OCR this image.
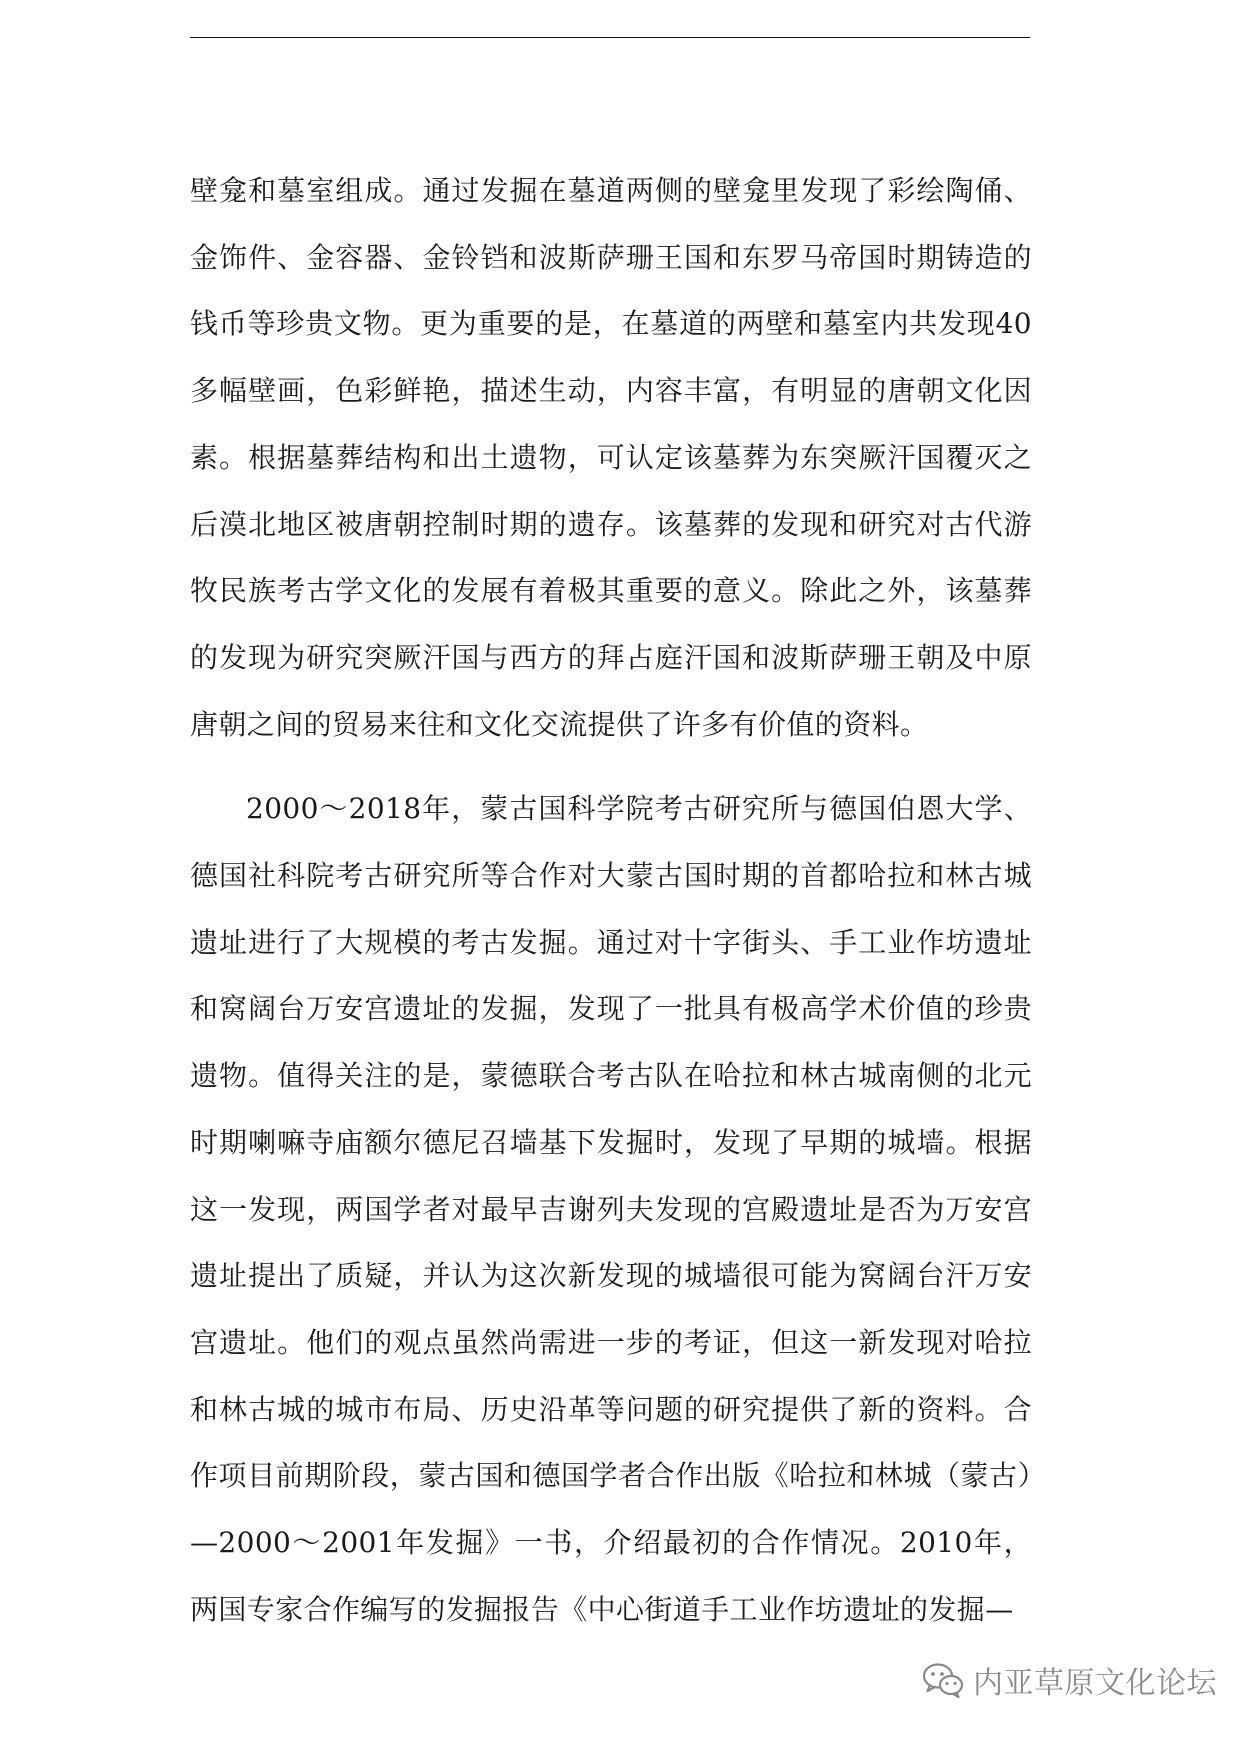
壁龛和墓室组成。通过发掘在墓道两侧的壁龛里发现了彩绘陶俑、金饰件、金容器、金铃铛和波斯萨珊王国和东罗马帝国时期铸造的钱币等珍贵文物。更为重要的是，在墓道的两壁和墓室内共发现40多幅壁画，色彩鲜艳，描述生动，内容丰富，有明显的唐朝文化因素。根据墓葬结构和出土遗物，可认定该墓葬为东突厥汗国覆灭之后漠北地区被唐朝控制时期的遗存。该墓葬的发现和研究对古代游牧民族考古学文化的发展有着极其重要的意义。除此之外，该墓葬的发现为研究突厥汗国与西方的拜占庭汗国和波斯萨珊王朝及中原唐朝之间的贸易来往和文化交流提供了许多有价值的资料。

2000～2018年，蒙古国科学院考古研究所与德国伯恩大学、德国社科院考古研究所等合作对大蒙古国时期的首都哈拉和林古城遗址进行了大规模的考古发掘。通过对十字街头、手工业作坊遗址和窝阔台万安宫遗址的发掘，发现了一批具有极高学术价值的珍贵遗物。值得关注的是，蒙德联合考古队在哈拉和林古城南侧的北元时期喇嘛寺庙额尔德尼召墙基下发掘时，发现了早期的城墙。根据这一发现，两国学者对最早吉谢列夫发现的宫殿遗址是否为万安宫遗址提出了质疑，并认为这次新发现的城墙很可能为窝阔台汗万安宫遗址。他们的观点虽然尚需进一步的考证，但这一新发现对哈拉和林古城的城市布局、历史沿革等问题的研究提供了新的资料。合作项目前期阶段，蒙古国和德国学者合作出版《哈拉和林城（蒙古）—2000～2001年发掘》一书，介绍最初的合作情况。2010年，两国专家合作编写的发掘报告《中心街道手工业作坊遗址的发掘—

内亚草原文化论坛
